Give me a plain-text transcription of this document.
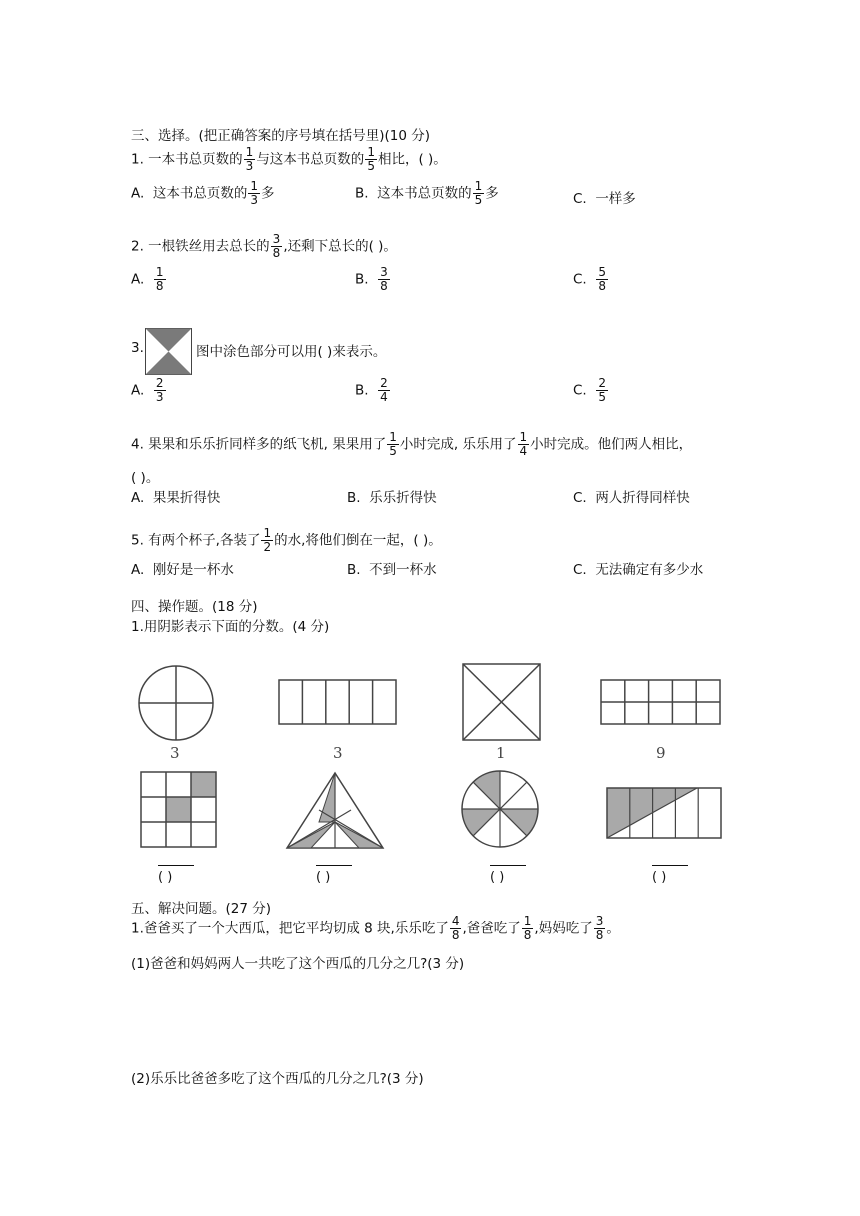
三、选择。(把正确答案的序号填在括号里)(10 分)
1. 一本书总页数的 $\frac{1}{3}$ 与这本书总页数的 $\frac{1}{5}$ 相比，( )。
A. 这本书总页数的 $\frac{1}{3}$ 多	B. 这本书总页数的 $\frac{1}{5}$ 多	C. 一样多
2. 一根铁丝用去总长的 $\frac{3}{8}$ ,还剩下总长的( )。
A. $\frac{1}{8}$	B. $\frac{3}{8}$	C. $\frac{5}{8}$
3.	图中涂色部分可以用( )来表示。
A. $\frac{2}{3}$	B. $\frac{2}{4}$	C. $\frac{2}{5}$
4. 果果和乐乐折同样多的纸飞机, 果果用了 $\frac{1}{5}$ 小时完成, 乐乐用了 $\frac{1}{4}$ 小时完成。他们两人相比，
( )。
A. 果果折得快	B. 乐乐折得快	C. 两人折得同样快
5. 有两个杯子,各装了 $\frac{1}{2}$ 的水,将他们倒在一起，( )。
A. 刚好是一杯水	B. 不到一杯水	C. 无法确定有多少水
四、操作题。(18 分)
1.用阴影表示下面的分数。(4 分)
3	3	1	9
( )	( )	( )	( )
五、解决问题。(27 分)
1.爸爸买了一个大西瓜，把它平均切成 8 块,乐乐吃了 $\frac{4}{8}$ ,爸爸吃了 $\frac{1}{8}$ ,妈妈吃了 $\frac{3}{8}$ 。
(1)爸爸和妈妈两人一共吃了这个西瓜的几分之几?(3 分)
(2)乐乐比爸爸多吃了这个西瓜的几分之几?(3 分)
